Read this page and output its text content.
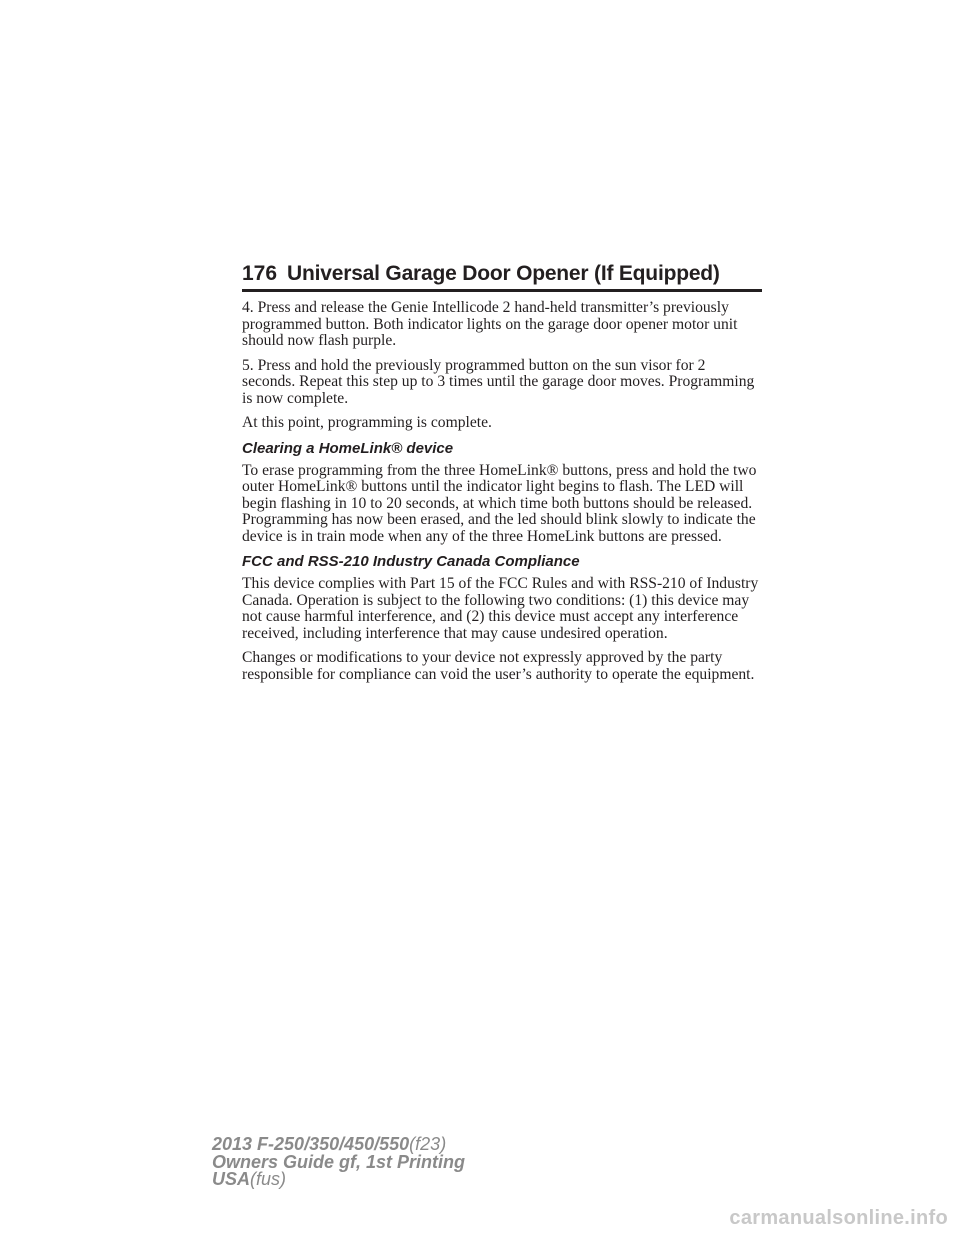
176 Universal Garage Door Opener (If Equipped)

4. Press and release the Genie Intellicode 2 hand-held transmitter’s previously programmed button. Both indicator lights on the garage door opener motor unit should now flash purple.

5. Press and hold the previously programmed button on the sun visor for 2 seconds. Repeat this step up to 3 times until the garage door moves. Programming is now complete.

At this point, programming is complete.

Clearing a HomeLink® device

To erase programming from the three HomeLink® buttons, press and hold the two outer HomeLink® buttons until the indicator light begins to flash. The LED will begin flashing in 10 to 20 seconds, at which time both buttons should be released. Programming has now been erased, and the led should blink slowly to indicate the device is in train mode when any of the three HomeLink buttons are pressed.

FCC and RSS-210 Industry Canada Compliance

This device complies with Part 15 of the FCC Rules and with RSS-210 of Industry Canada. Operation is subject to the following two conditions: (1) this device may not cause harmful interference, and (2) this device must accept any interference received, including interference that may cause undesired operation.

Changes or modifications to your device not expressly approved by the party responsible for compliance can void the user’s authority to operate the equipment.

2013 F-250/350/450/550(f23)
Owners Guide gf, 1st Printing
USA(fus)
carmanualsonline.info
